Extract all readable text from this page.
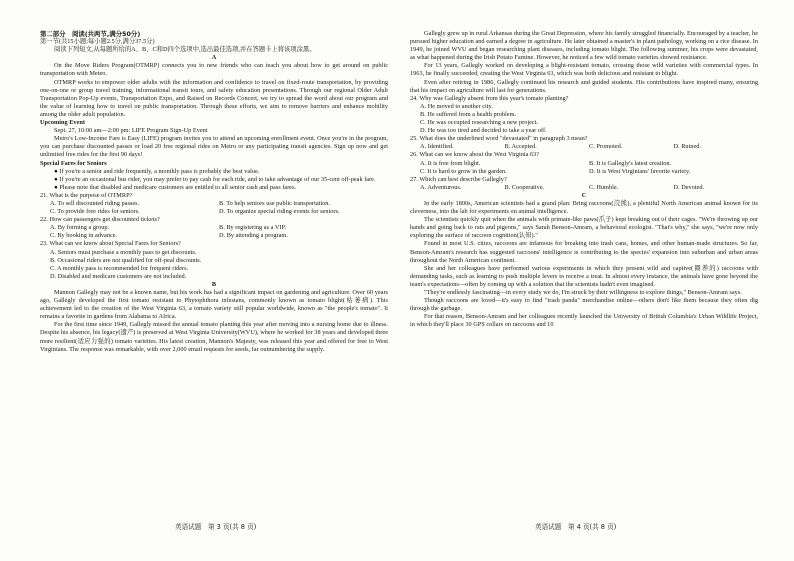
第二部分　阅读(共两节,满分50分)

第一节(共15小题;每小题2.5分,满分37.5分)

阅读下列短文,从每题所给的A、B、C和D四个选项中,选出最佳选项,并在答题卡上将该项涂黑。

A

On the Move Riders Program(OTMRP) connects you to new friends who can teach you about how to get around on public transportation with Meteo.

OTMRP works to empower older adults with the information and confidence to travel on fixed-route transportation, by providing one-on-one or group travel training, informational transit tours, and safety education presentations. Through our regional Older Adult Transportation Pop-Up events, Transportation Expo, and Raised on Records Concert, we try to spread the word about our program and the value of learning how to travel on public transportation. Through these efforts, we aim to remove barriers and enhance mobility among the older adult population.

Upcoming Event

Sept. 27, 10:00 am—2:00 pm: LIFE Program Sign-Up Event

Metro's Low-Income Fare is Easy (LIFE) program invites you to attend an upcoming enrollment event. Once you're in the program, you can purchase discounted passes or load 20 free regional rides on Metro or any participating transit agencies. Sign up now and get unlimited free rides for the first 90 days!

Special Fares for Seniors

● If you're a senior and ride frequently, a monthly pass is probably the best value.

● If you're an occasional bus rider, you may prefer to pay cash for each ride, and to take advantage of our 35-cent off-peak fare.

● Please note that disabled and medicare customers are entitled to all senior cash and pass fares.

21. What is the purpose of OTMRP?

A. To sell discounted riding passes.	B. To help seniors use public transportation.
C. To provide free rides for seniors.	D. To organize special riding events for seniors.

22. How can passengers get discounted tickets?

A. By forming a group.	B. By registering as a VIP.
C. By booking in advance.	D. By attending a program.

23. What can we know about Special Fares for Seniors?

A. Seniors must purchase a monthly pass to get discounts.

B. Occasional riders are not qualified for off-peal discounts.

C. A monthly pass is recommended for frequent riders.

D. Disabled and medicare customers are not included.

B

Mannon Gallegly may not be a known name, but his work has had a significant impact on gardening and agriculture. Over 60 years ago, Gallegly developed the first tomato resistant to Phytophthora infestans, commonly known as tomato blight(枯萎病). This achievement led to the creation of the West Virginia 63, a tomato variety still popular worldwide, known as "the people's tomato". It remains a favorite in gardens from Alabama to Africa.

For the first time since 1949, Gallegly missed the annual tomato planting this year after moving into a nursing home due to illness. Despite his absence, his legacy(遗产) is preserved at West Virginia University(WVU), where he worked for 38 years and developed three more resilient(适应力强的) tomato varieties. His latest creation, Mannon's Majesty, was released this year and offered for free to West Virginians. The response was remarkable, with over 2,000 email requests for seeds, far outnumbering the supply.

Gallegly grew up in rural Arkansas during the Great Depression, where his family struggled financially. Encouraged by a teacher, he pursued higher education and earned a degree in agriculture. He later obtained a master's in plant pathology, working on a rice disease. In 1949, he joined WVU and began researching plant diseases, including tomato blight. The following summer, his crops were devastated, as what happened during the Irish Potato Famine. However, he noticed a few wild tomato varieties showed resistance.

For 13 years, Gallegly worked on developing a blight-resistant tomato, crossing those wild varieties with commercial types. In 1963, he finally succeeded, creating the West Virginia 63, which was both delicious and resistant to blight.

Even after retiring in 1986, Gallegly continued his research and guided students. His contributions have inspired many, ensuring that his impact on agriculture will last for generations.

24. Why was Gallegly absent from this year's tomato planting?

A. He moved to another city.

B. He suffered from a health problem.

C. He was occupied researching a new project.

D. He was too tired and decided to take a year off.

25. What does the underlined word "devastated" in paragraph 3 mean?

A. Identified.	B. Accepted.	C. Promoted.	D. Ruined.

26. What can we know about the West Virginia 63?

A. It is free from blight.	B. It is Gallegly's latest creation.
C. It is hard to grow in the garden.	D. It is West Virginians' favorite variety.

27. Which can best describe Gallegly?

A. Adventurous.	B. Cooperative.	C. Humble.	D. Devoted.

C

In the early 1800s, American scientists had a grand plan: Bring raccoons(浣熊), a plentiful North American animal known for its cleverness, into the lab for experiments on animal intelligence.

The scientists quickly quit when the animals with primate-like paws(爪子) kept breaking out of their cages. "We're throwing up our hands and going back to rats and pigeons," says Sarah Benson-Amram, a behavioral ecologist. "That's why," she says, "we're now only exploring the surface of raccoon cognition(认知)."

Found in most U.S. cities, raccoons are infamous for breaking into trash cans, homes, and other human-made structures. So far, Benson-Amram's research has suggested raccoons' intelligence is contributing to the species' expansion into suburban and urban areas throughout the North American continent.

She and her colleagues have performed various experiments in which they present wild and captive(圈养的) raccoons with demanding tasks, such as learning to push multiple levers to receive a treat. In almost every instance, the animals have gone beyond the team's expectations—often by coming up with a solution that the scientists hadn't even imagined.

"They're endlessly fascinating—in every study we do, I'm struck by their willingness to explore things," Benson-Amram says.

Though raccoons are loved—it's easy to find "trash panda" merchandise online—others don't like them because they often dig through the garbage.

For that reason, Benson-Amram and her colleagues recently launched the University of British Columbia's Urban Wildlife Project, in which they'll place 30 GPS collars on raccoons and 10

英语试题　第 3 页(共 8 页)	英语试题　第 4 页(共 8 页)
